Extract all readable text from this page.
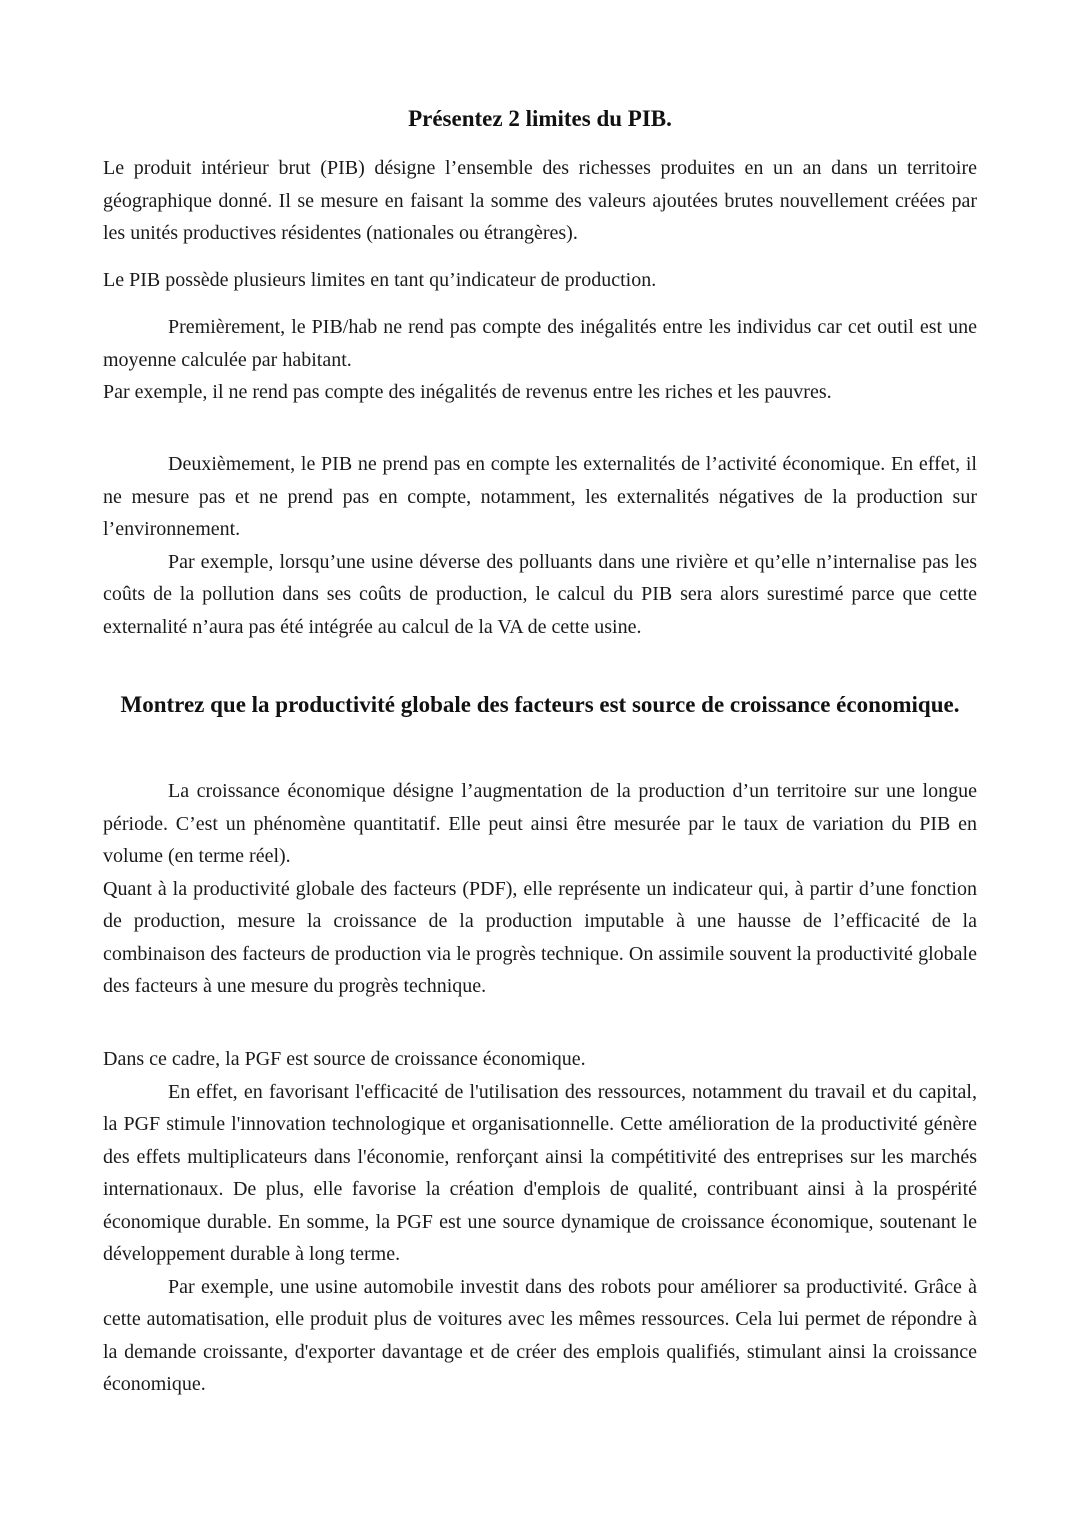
Présentez 2 limites du PIB.

Le produit intérieur brut (PIB) désigne l’ensemble des richesses produites en un an dans un territoire géographique donné. Il se mesure en faisant la somme des valeurs ajoutées brutes nouvellement créées par les unités productives résidentes (nationales ou étrangères).

Le PIB possède plusieurs limites en tant qu’indicateur de production.

Premièrement, le PIB/hab ne rend pas compte des inégalités entre les individus car cet outil est une moyenne calculée par habitant.

Par exemple, il ne rend pas compte des inégalités de revenus entre les riches et les pauvres.

Deuxièmement, le PIB ne prend pas en compte les externalités de l’activité économique. En effet, il ne mesure pas et ne prend pas en compte, notamment, les externalités négatives de la production sur l’environnement.

Par exemple, lorsqu’une usine déverse des polluants dans une rivière et qu’elle n’internalise pas les coûts de la pollution dans ses coûts de production, le calcul du PIB sera alors surestimé parce que cette externalité n’aura pas été intégrée au calcul de la VA de cette usine.

Montrez que la productivité globale des facteurs est source de croissance économique.

La croissance économique désigne l’augmentation de la production d’un territoire sur une longue période. C’est un phénomène quantitatif. Elle peut ainsi être mesurée par le taux de variation du PIB en volume (en terme réel).

Quant à la productivité globale des facteurs (PDF), elle représente un indicateur qui, à partir d’une fonction de production, mesure la croissance de la production imputable à une hausse de l’efficacité de la combinaison des facteurs de production via le progrès technique. On assimile souvent la productivité globale des facteurs à une mesure du progrès technique.

Dans ce cadre, la PGF est source de croissance économique.

En effet, en favorisant l'efficacité de l'utilisation des ressources, notamment du travail et du capital, la PGF stimule l'innovation technologique et organisationnelle. Cette amélioration de la productivité génère des effets multiplicateurs dans l'économie, renforçant ainsi la compétitivité des entreprises sur les marchés internationaux. De plus, elle favorise la création d'emplois de qualité, contribuant ainsi à la prospérité économique durable. En somme, la PGF est une source dynamique de croissance économique, soutenant le développement durable à long terme.

Par exemple, une usine automobile investit dans des robots pour améliorer sa productivité. Grâce à cette automatisation, elle produit plus de voitures avec les mêmes ressources. Cela lui permet de répondre à la demande croissante, d'exporter davantage et de créer des emplois qualifiés, stimulant ainsi la croissance économique.
